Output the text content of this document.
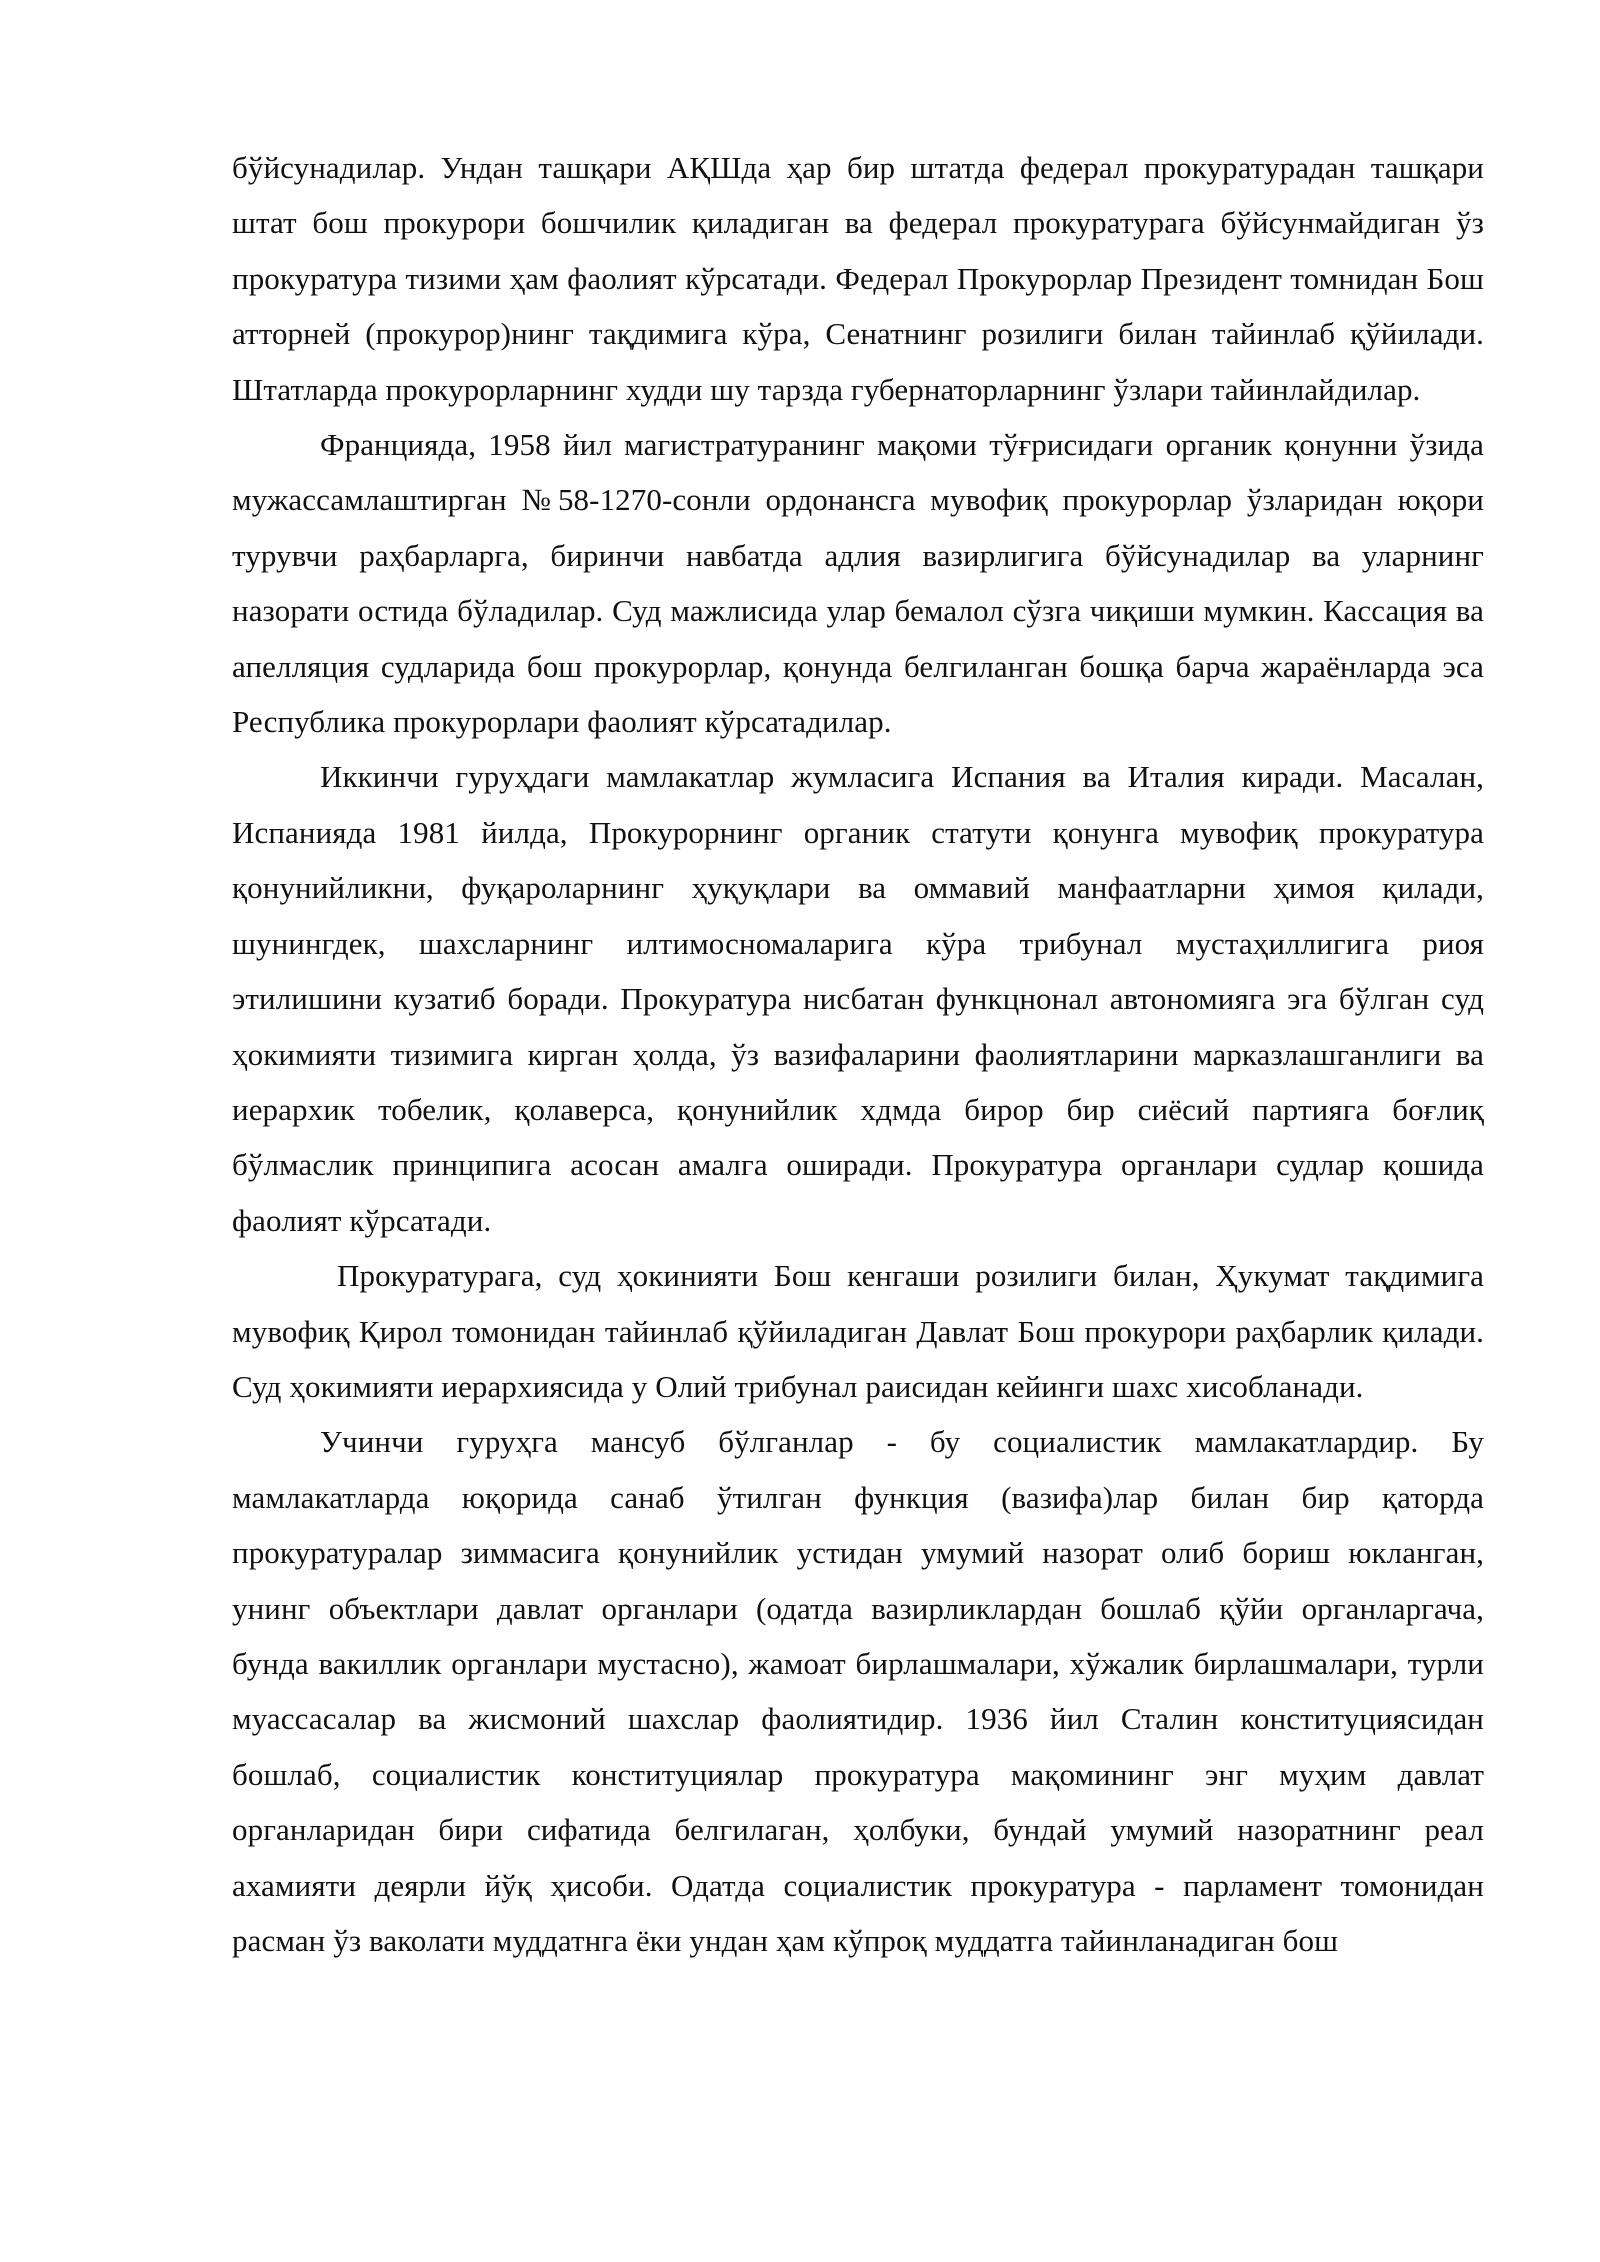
бўйсунадилар. Ундан ташқари АҚШда ҳар бир штатда федерал прокуратурадан ташқари штат бош прокурори бошчилик қиладиган ва федерал прокуратурага бўйсунмайдиган ўз прокуратура тизими ҳам фаолият кўрсатади. Федерал Прокурорлар Президент томнидан Бош атторней (прокурор)нинг тақдимига кўра, Сенатнинг розилиги билан тайинлаб қўйилади. Штатларда прокурорларнинг худди шу тарзда губернаторларнинг ўзлари тайинлайдилар.

Францияда, 1958 йил магистратуранинг мақоми тўғрисидаги органик қонунни ўзида мужассамлаштирган №58-1270-сонли ордонансга мувофиқ прокурорлар ўзларидан юқори турувчи раҳбарларга, биринчи навбатда адлия вазирлигига бўйсунадилар ва уларнинг назорати остида бўладилар. Суд мажлисида улар бемалол сўзга чиқиши мумкин. Кассация ва апелляция судларида бош прокурорлар, қонунда белгиланган бошқа барча жараёнларда эса Республика прокурорлари фаолият кўрсатадилар.

Иккинчи гуруҳдаги мамлакатлар жумласига Испания ва Италия киради. Масалан, Испанияда 1981 йилда, Прокурорнинг органик статути қонунга мувофиқ прокуратура қонунийликни, фуқароларнинг ҳуқуқлари ва оммавий манфаатларни ҳимоя қилади, шунингдек, шахсларнинг илтимосномаларига кўра трибунал мустаҳиллигига риоя этилишини кузатиб боради. Прокуратура нисбатан функцнонал автономияга эга бўлган суд ҳокимияти тизимига кирган ҳолда, ўз вазифаларини фаолиятларини марказлашганлиги ва иерархик тобелик, қолаверса, қонунийлик хдмда бирор бир сиёсий партияга боғлиқ бўлмаслик принципига асосан амалга оширади. Прокуратура органлари судлар қошида фаолият кўрсатади.

Прокуратурага, суд ҳокинияти Бош кенгаши розилиги билан, Ҳукумат тақдимига мувофиқ Қирол томонидан тайинлаб қўйиладиган Давлат Бош прокурори раҳбарлик қилади. Суд ҳокимияти иерархиясида у Олий трибунал раисидан кейинги шахс хисобланади.

Учинчи гуруҳга мансуб бўлганлар - бу социалистик мамлакатлардир. Бу мамлакатларда юқорида санаб ўтилган функция (вазифа)лар билан бир қаторда прокуратуралар зиммасига қонунийлик устидан умумий назорат олиб бориш юкланган, унинг объектлари давлат органлари (одатда вазирликлардан бошлаб қўйи органларгача, бунда вакиллик органлари мустасно), жамоат бирлашмалари, хўжалик бирлашмалари, турли муассасалар ва жисмоний шахслар фаолиятидир. 1936 йил Сталин конституциясидан бошлаб, социалистик конституциялар прокуратура мақомининг энг муҳим давлат органларидан бири сифатида белгилаган, ҳолбуки, бундай умумий назоратнинг реал ахамияти деярли йўқ ҳисоби. Одатда социалистик прокуратура - парламент томонидан расман ўз ваколати муддатнга ёки ундан ҳам кўпроқ муддатга тайинланадиган бош
